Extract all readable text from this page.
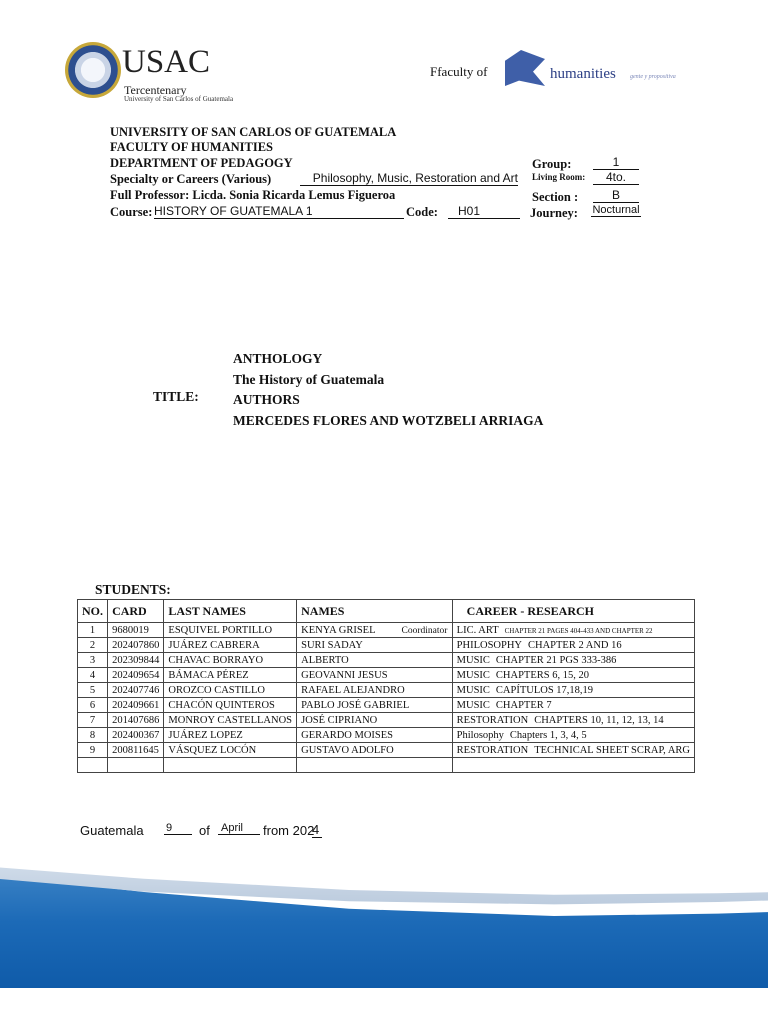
USAC
Tercentenary
University of San Carlos of Guatemala
Ffaculty of	humanities gente y propositiva
UNIVERSITY OF SAN CARLOS OF GUATEMALA
FACULTY OF HUMANITIES
DEPARTMENT OF PEDAGOGY
Specialty or Careers (Various)	Philosophy, Music, Restoration and Art
Full Professor: Licda. Sonia Ricarda Lemus Figueroa
Course: HISTORY OF GUATEMALA 1	Code:	H01
Group:	1
Living Room:	4to.
Section :	B
Journey: Nocturnal
TITLE:
ANTHOLOGY
The History of Guatemala
AUTHORS
MERCEDES FLORES AND WOTZBELI ARRIAGA
STUDENTS:
NO.	CARD	LAST NAMES	NAMES	CAREER - RESEARCH
1	9680019	ESQUIVEL PORTILLO	KENYA GRISEL Coordinator	LIC. ART CHAPTER 21 PAGES 404-433 AND CHAPTER 22
2	202407860	JUÁREZ CABRERA	SURI SADAY	PHILOSOPHY CHAPTER 2 AND 16
3	202309844	CHAVAC BORRAYO	ALBERTO	MUSIC CHAPTER 21 PGS 333-386
4	202409654	BÁMACA PÉREZ	GEOVANNI JESUS	MUSIC CHAPTERS 6, 15, 20
5	202407746	OROZCO CASTILLO	RAFAEL ALEJANDRO	MUSIC CAPÍTULOS 17,18,19
6	202409661	CHACÓN QUINTEROS	PABLO JOSÉ GABRIEL	MUSIC CHAPTER 7
7	201407686	MONROY CASTELLANOS	JOSÉ CIPRIANO	RESTORATION CHAPTERS 10, 11, 12, 13, 14
8	202400367	JUÁREZ LOPEZ	GERARDO MOISES	Philosophy Chapters 1, 3, 4, 5
9	200811645	VÁSQUEZ LOCÓN	GUSTAVO ADOLFO	RESTORATION TECHNICAL SHEET SCRAP, ARG

Guatemala 9	of April	from 202
4
